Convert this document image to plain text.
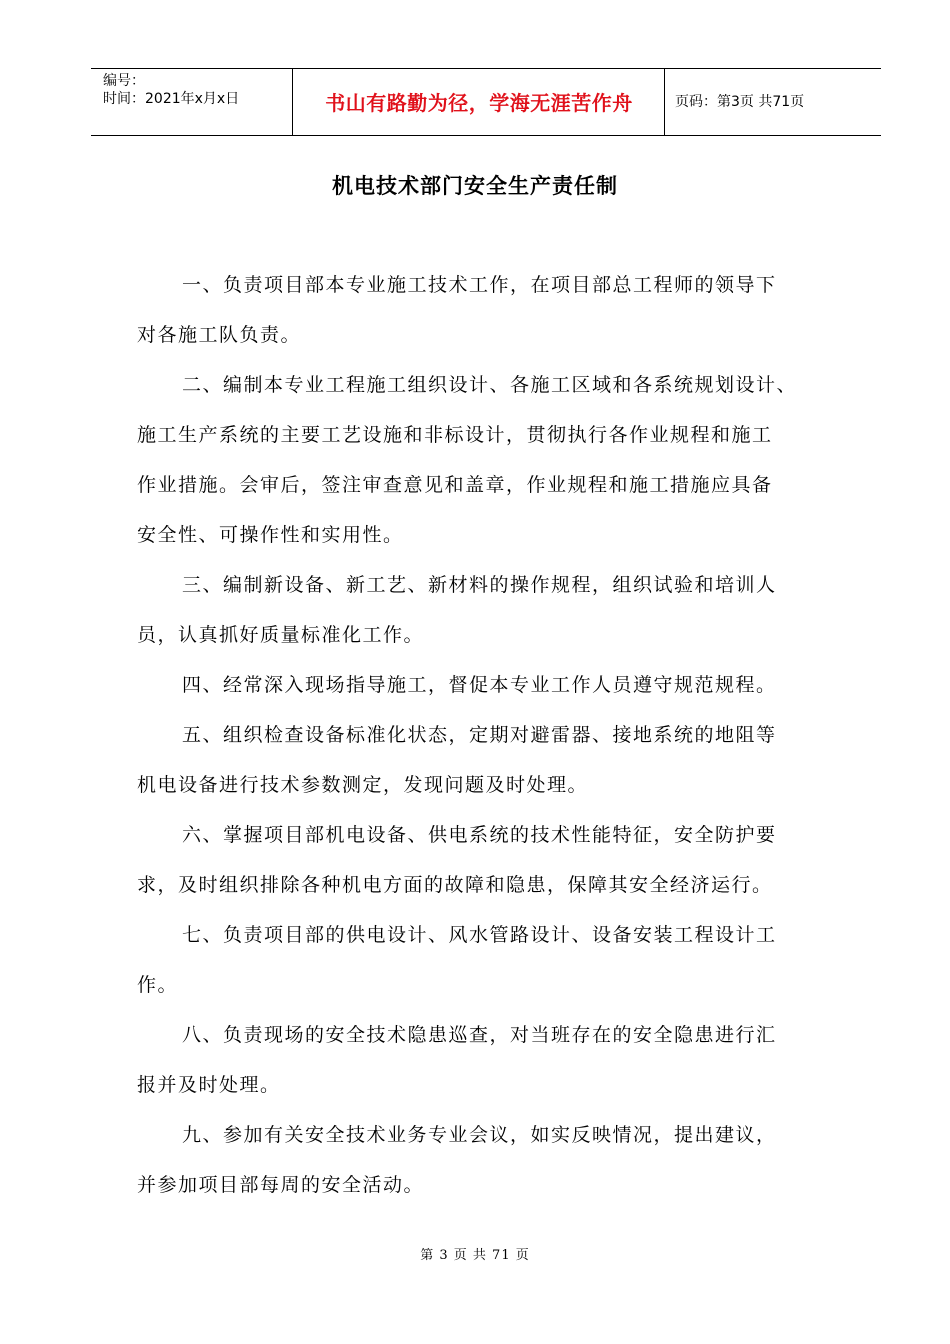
编号：
时间：2021年x月x日	书山有路勤为径，学海无涯苦作舟	页码：第3页 共71页
机电技术部门安全生产责任制
一、负责项目部本专业施工技术工作，在项目部总工程师的领导下
对各施工队负责。
二、编制本专业工程施工组织设计、各施工区域和各系统规划设计、
施工生产系统的主要工艺设施和非标设计，贯彻执行各作业规程和施工
作业措施。会审后，签注审查意见和盖章，作业规程和施工措施应具备
安全性、可操作性和实用性。
三、编制新设备、新工艺、新材料的操作规程，组织试验和培训人
员，认真抓好质量标准化工作。
四、经常深入现场指导施工，督促本专业工作人员遵守规范规程。
五、组织检查设备标准化状态，定期对避雷器、接地系统的地阻等
机电设备进行技术参数测定，发现问题及时处理。
六、掌握项目部机电设备、供电系统的技术性能特征，安全防护要
求，及时组织排除各种机电方面的故障和隐患，保障其安全经济运行。
七、负责项目部的供电设计、风水管路设计、设备安装工程设计工
作。
八、负责现场的安全技术隐患巡查，对当班存在的安全隐患进行汇
报并及时处理。
九、参加有关安全技术业务专业会议，如实反映情况，提出建议，
并参加项目部每周的安全活动。
第 3 页 共 71 页
